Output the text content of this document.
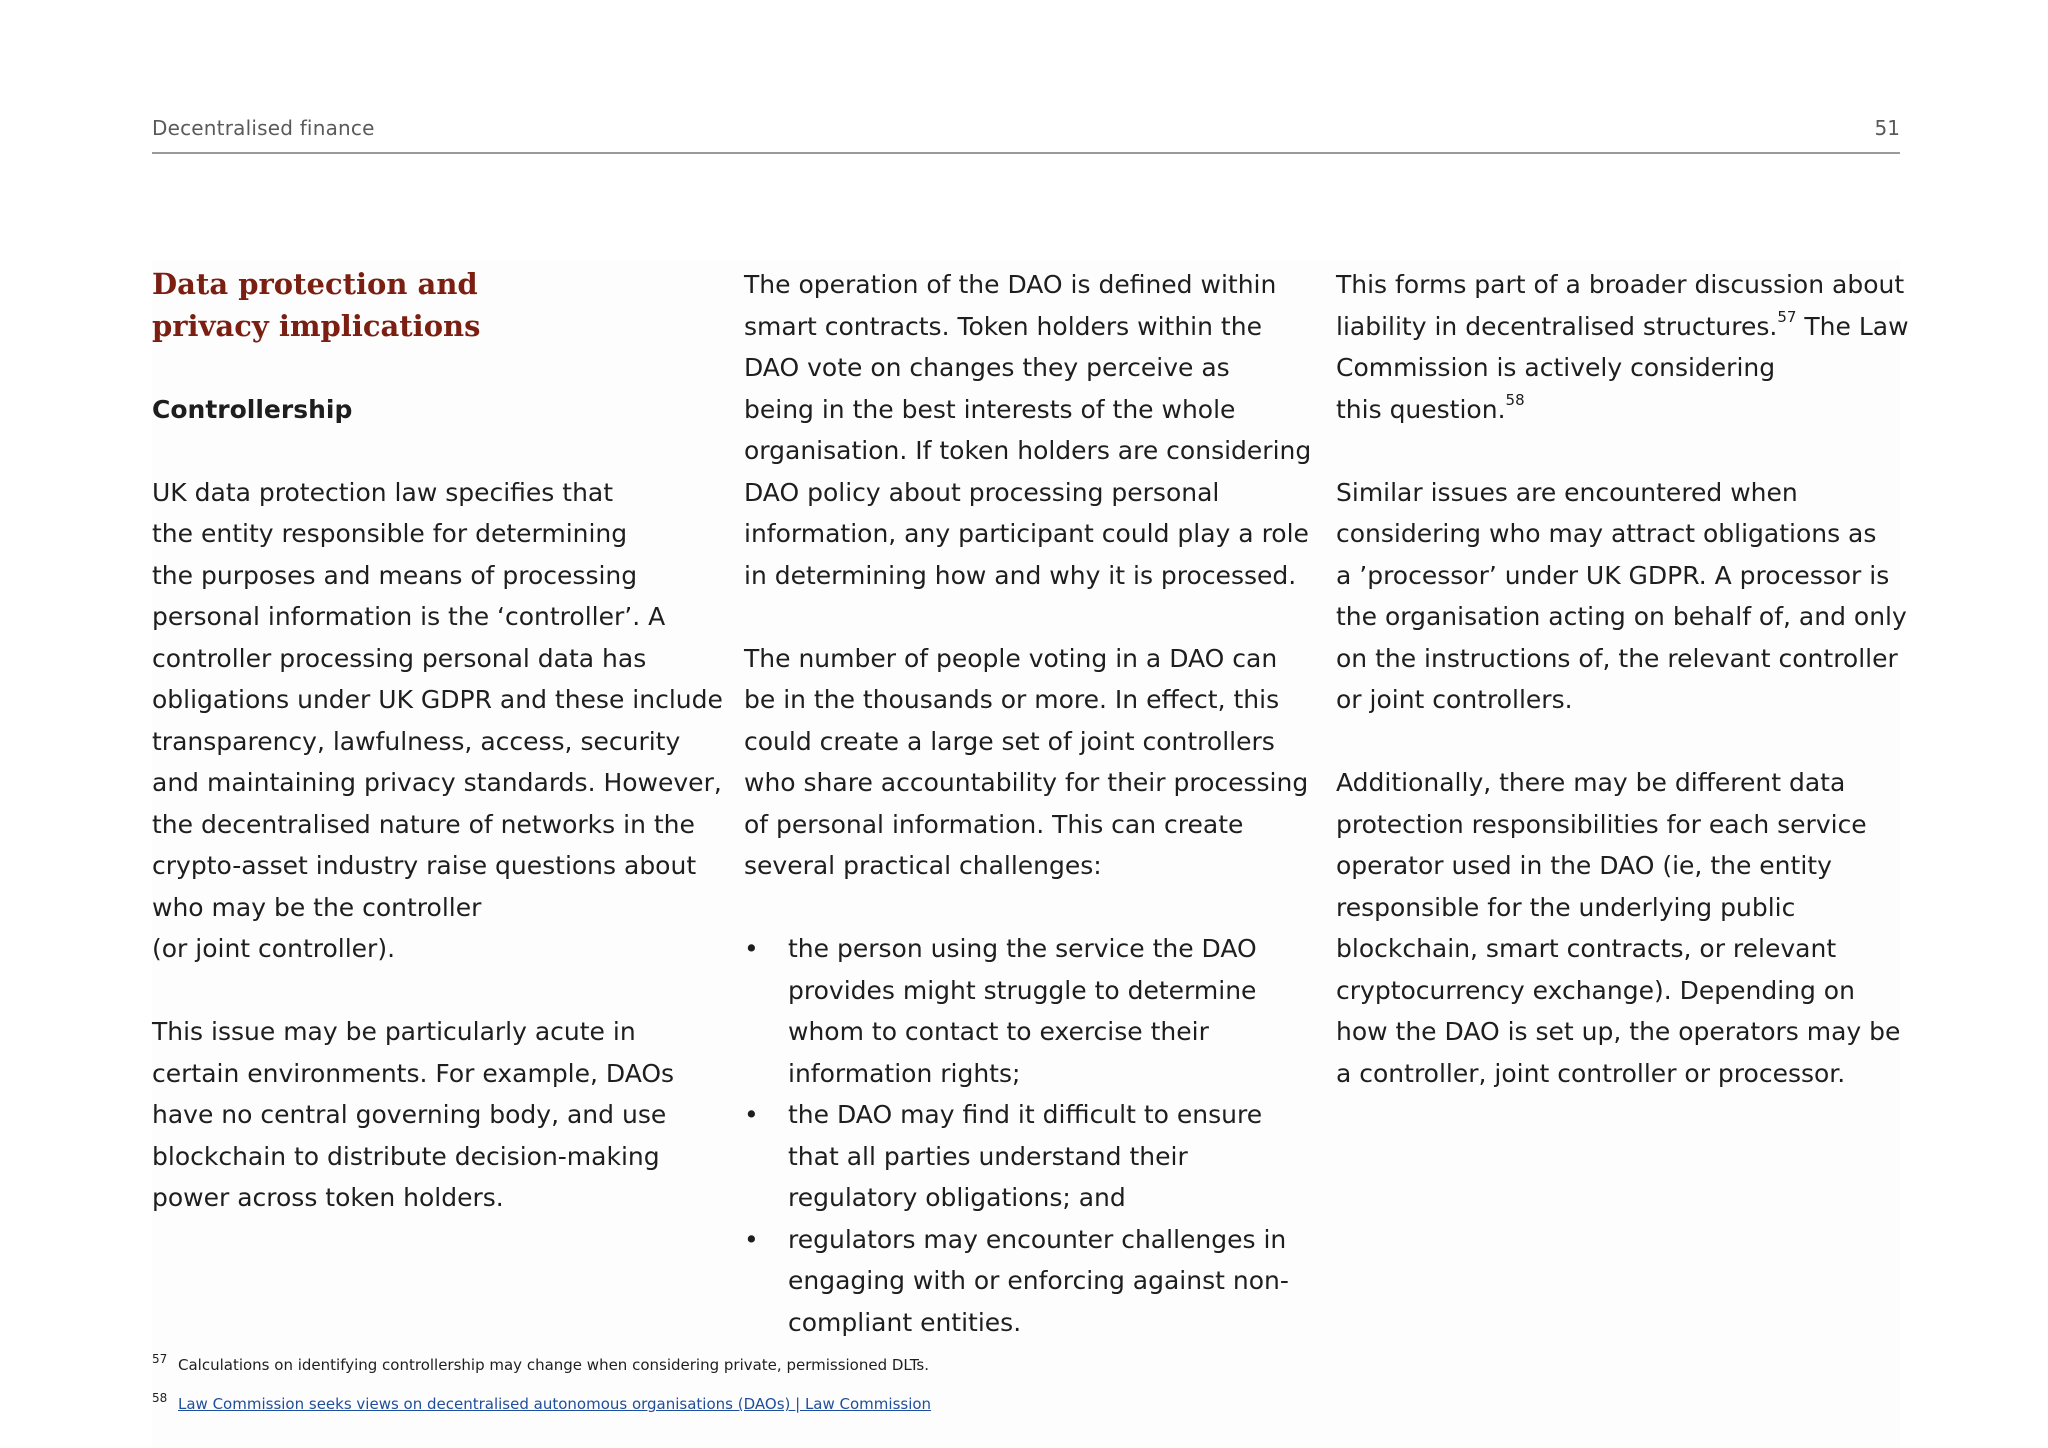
Decentralised finance	51
Data protection and
privacy implications
Controllership
UK data protection law specifies that
the entity responsible for determining
the purposes and means of processing
personal information is the ‘controller’. A
controller processing personal data has
obligations under UK GDPR and these include
transparency, lawfulness, access, security
and maintaining privacy standards. However,
the decentralised nature of networks in the
crypto-asset industry raise questions about
who may be the controller
(or joint controller).
This issue may be particularly acute in
certain environments. For example, DAOs
have no central governing body, and use
blockchain to distribute decision-making
power across token holders.
The operation of the DAO is defined within
smart contracts. Token holders within the
DAO vote on changes they perceive as
being in the best interests of the whole
organisation. If token holders are considering
DAO policy about processing personal
information, any participant could play a role
in determining how and why it is processed.
The number of people voting in a DAO can
be in the thousands or more. In effect, this
could create a large set of joint controllers
who share accountability for their processing
of personal information. This can create
several practical challenges:
• the person using the service the DAO
provides might struggle to determine
whom to contact to exercise their
information rights;
• the DAO may find it difficult to ensure
that all parties understand their
regulatory obligations; and
• regulators may encounter challenges in
engaging with or enforcing against non-
compliant entities.
This forms part of a broader discussion about
liability in decentralised structures.$^{57}$ The Law
Commission is actively considering
this question.$^{58}$
Similar issues are encountered when
considering who may attract obligations as
a ’processor’ under UK GDPR. A processor is
the organisation acting on behalf of, and only
on the instructions of, the relevant controller
or joint controllers.
Additionally, there may be different data
protection responsibilities for each service
operator used in the DAO (ie, the entity
responsible for the underlying public
blockchain, smart contracts, or relevant
cryptocurrency exchange). Depending on
how the DAO is set up, the operators may be
a controller, joint controller or processor.
57 Calculations on identifying controllership may change when considering private, permissioned DLTs.
58 Law Commission seeks views on decentralised autonomous organisations (DAOs) | Law Commission
